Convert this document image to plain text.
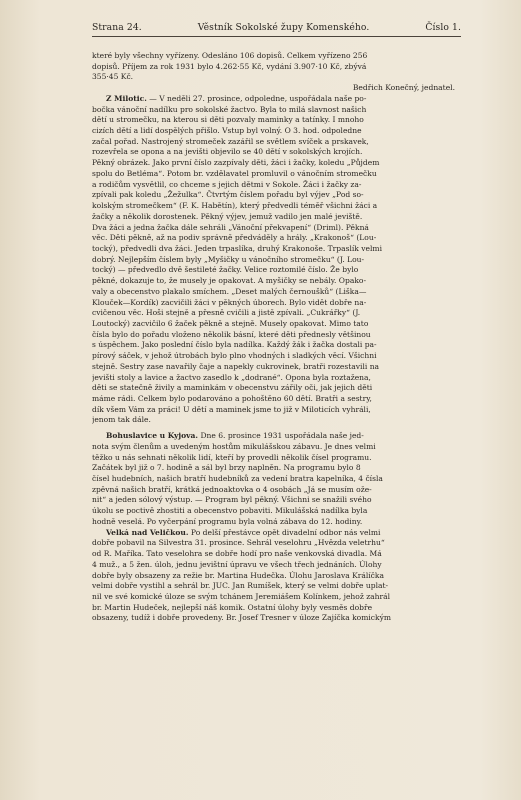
Strana 24.	Věstník Sokolské župy Komenského.	Číslo 1.
které byly všechny vyřízeny. Odesláno 106 dopisů. Celkem vyřízeno 256
dopisů. Příjem za rok 1931 bylo 4.262·55 Kč, vydání 3.907·10 Kč, zbývá
355·45 Kč.
Bedřich Konečný, jednatel.
Z Milotic. — V neděli 27. prosince, odpoledne, uspořádala naše po-
bočka vánoční nadílku pro sokolské žactvo. Byla to milá slavnost našich
dětí u stromečku, na kterou si děti pozvaly maminky a tatínky. I mnoho
cizích dětí a lidí dospělých přišlo. Vstup byl volný. O 3. hod. odpoledne
začal pořad. Nastrojený stromeček zazářil se světlem svíček a prskavek,
rozevřela se opona a na jevišti objevilo se 40 dětí v sokolských krojích.
Pěkný obrázek. Jako první číslo zazpívaly děti, žáci i žačky, koledu „Půjdem
spolu do Betléma“. Potom br. vzdělavatel promluvil o vánočním stromečku
a rodičům vysvětlil, co chceme s jejich dětmi v Sokole. Žáci i žačky za-
zpívali pak koledu „Žežulka“. Čtvrtým číslem pořadu byl výjev „Pod so-
kolským stromečkem“ (F. K. Habětín), který předvedli téměř všichni žáci a
žačky a několik dorostenek. Pěkný výjev, jemuž vadilo jen malé jeviště.
Dva žáci a jedna žačka dále sehráli „Vánoční překvapení“ (Driml). Pěkná
věc. Děti pěkně, až na podiv správně předváděly a hrály. „Krakonoš“ (Lou-
tocký), předvedli dva žáci. Jeden trpaslíka, druhý Krakonoše. Trpaslík velmi
dobrý. Nejlepším číslem byly „Myšičky u vánočního stromečku“ (J. Lou-
tocký) — předvedlo dvě šestileté žačky. Velice roztomilé číslo. Že bylo
pěkné, dokazuje to, že musely je opakovat. A myšičky se nebály. Opako-
valy a obecenstvo plakalo smíchem. „Deset malých černoušků“ (Liška—
Klouček—Kordík) zacvičili žáci v pěkných úborech. Bylo vidět dobře na-
cvičenou věc. Hoši stejně a přesně cvičili a jistě zpívali. „Cukrářky“ (J.
Loutocký) zacvičilo 6 žaček pěkně a stejně. Musely opakovat. Mimo tato
čísla bylo do pořadu vloženo několik básní, které děti přednesly většinou
s úspěchem. Jako poslední číslo byla nadílka. Každý žák i žačka dostali pa-
pírový sáček, v jehož útrobách bylo plno vhodných i sladkých věcí. Všichni
stejně. Sestry zase navařily čaje a napekly cukrovinek, bratři rozestavili na
jevišti stoly a lavice a žactvo zasedlo k „dodrané“. Opona byla roztažena,
děti se statečně živily a maminkám v obecenstvu zářily oči, jak jejich děti
máme rádi. Celkem bylo podarováno a pohoštěno 60 dětí. Bratři a sestry,
dík všem Vám za práci! U dětí a maminek jsme to již v Miloticích vyhráli,
jenom tak dále.
Bohuslavice u Kyjova. Dne 6. prosince 1931 uspořádala naše jed-
nota svým členům a uvedeným hostům mikulášskou zábavu. Je dnes velmi
těžko u nás sehnati několik lidí, kteří by provedli několik čísel programu.
Začátek byl již o 7. hodině a sál byl brzy naplněn. Na programu bylo 8
čísel hudebních, našich bratří hudebníků za vedení bratra kapelníka, 4 čísla
zpěvná našich bratří, krátká jednoaktovka o 4 osobách „Já se musím ože-
nit“ a jeden sólový výstup. — Program byl pěkný. Všichni se snažili svého
úkolu se poctivě zhostiti a obecenstvo pobaviti. Mikulášská nadílka byla
hodně veselá. Po vyčerpání programu byla volná zábava do 12. hodiny.
Velká nad Veličkou. Po delší přestávce opět divadelní odbor nás velmi
dobře pobavil na Silvestra 31. prosince. Sehrál veselohru „Hvězda veletrhu“
od R. Maříka. Tato veselohra se dobře hodí pro naše venkovská divadla. Má
4 muž., a 5 žen. úloh, jednu jevištní úpravu ve všech třech jednáních. Úlohy
dobře byly obsazeny za režie br. Martina Hudečka. Úlohu Jaroslava Králíčka
velmi dobře vystihl a sehrál br. JUC. Jan Rumíšek, který se velmi dobře uplat-
nil ve své komické úloze se svým tchánem Jeremiášem Kolínkem, jehož zahrál
br. Martin Hudeček, nejlepší náš komik. Ostatní úlohy byly vesměs dobře
obsazeny, tudíž i dobře provedeny. Br. Josef Tresner v úloze Zajíčka komickým
